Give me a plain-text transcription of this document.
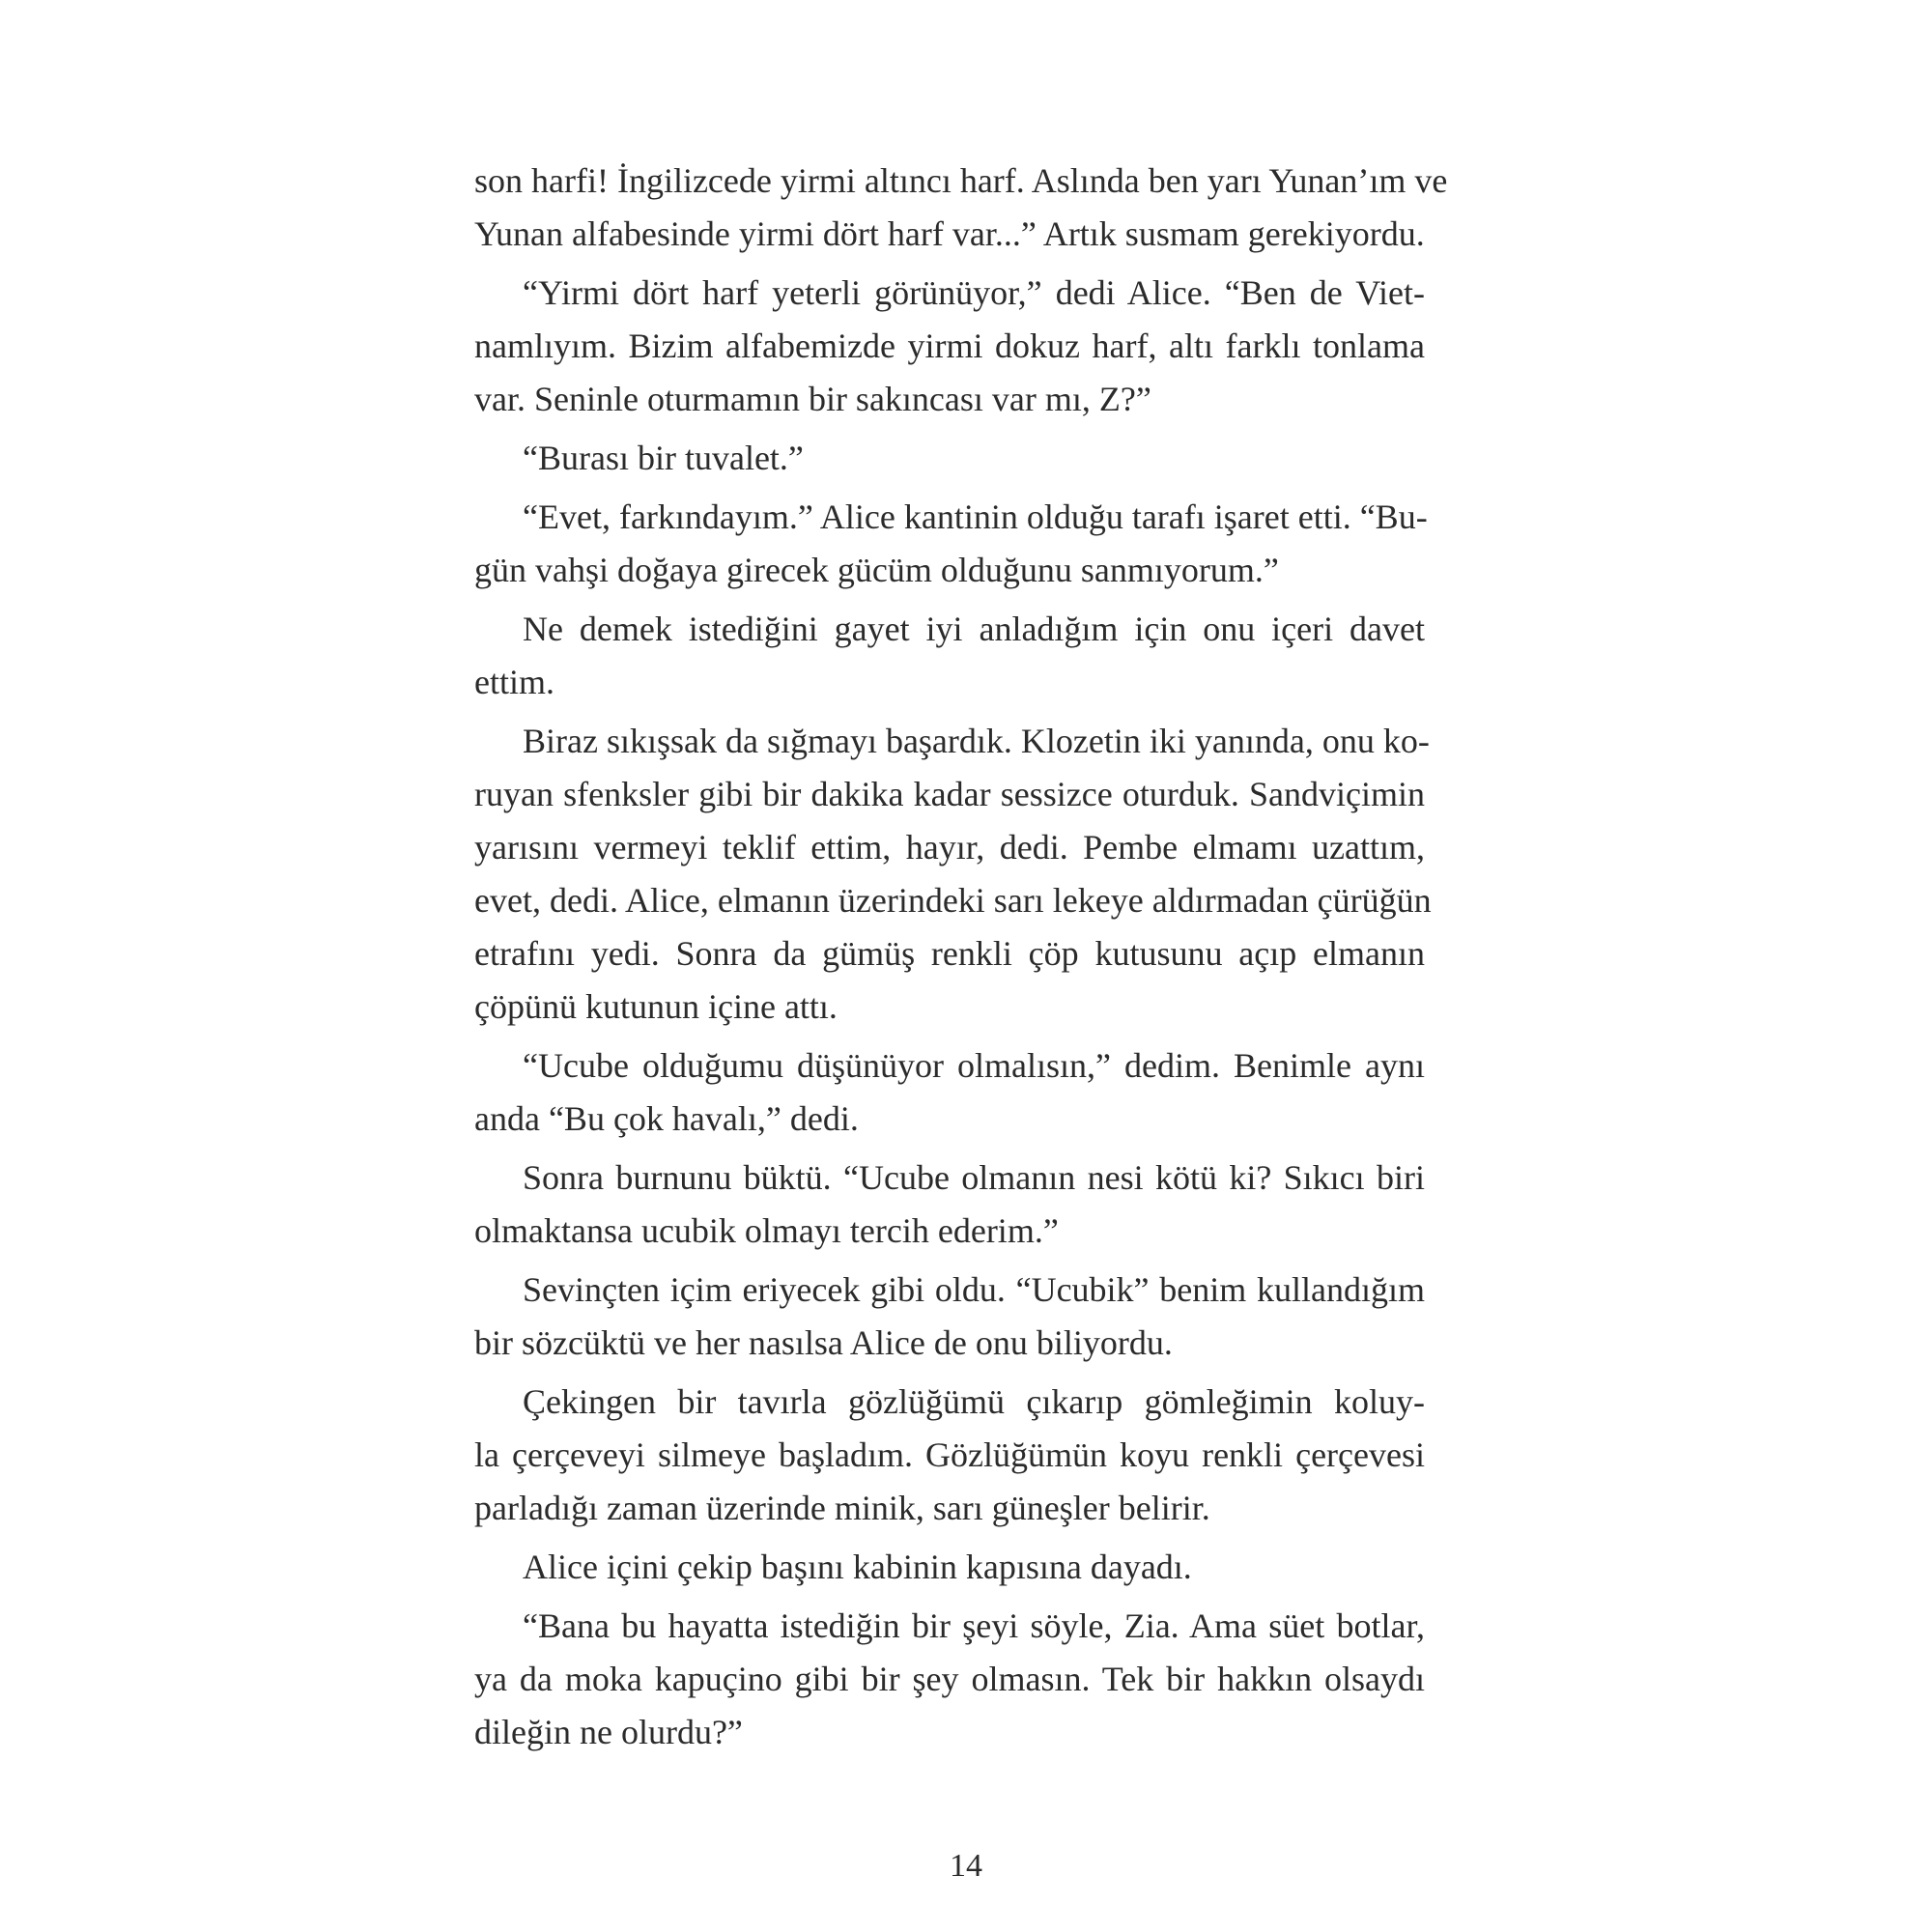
son harfi! İngilizcede yirmi altıncı harf. Aslında ben yarı Yunan’ım ve
Yunan alfabesinde yirmi dört harf var...” Artık susmam gerekiyordu.
“Yirmi dört harf yeterli görünüyor,” dedi Alice. “Ben de Viet-
namlıyım. Bizim alfabemizde yirmi dokuz harf, altı farklı tonlama
var. Seninle oturmamın bir sakıncası var mı, Z?”
“Burası bir tuvalet.”
“Evet, farkındayım.” Alice kantinin olduğu tarafı işaret etti. “Bu-
gün vahşi doğaya girecek gücüm olduğunu sanmıyorum.”
Ne demek istediğini gayet iyi anladığım için onu içeri davet
ettim.
Biraz sıkışsak da sığmayı başardık. Klozetin iki yanında, onu ko-
ruyan sfenksler gibi bir dakika kadar sessizce oturduk. Sandviçimin
yarısını vermeyi teklif ettim, hayır, dedi. Pembe elmamı uzattım,
evet, dedi. Alice, elmanın üzerindeki sarı lekeye aldırmadan çürüğün
etrafını yedi. Sonra da gümüş renkli çöp kutusunu açıp elmanın
çöpünü kutunun içine attı.
“Ucube olduğumu düşünüyor olmalısın,” dedim. Benimle aynı
anda “Bu çok havalı,” dedi.
Sonra burnunu büktü. “Ucube olmanın nesi kötü ki? Sıkıcı biri
olmaktansa ucubik olmayı tercih ederim.”
Sevinçten içim eriyecek gibi oldu. “Ucubik” benim kullandığım
bir sözcüktü ve her nasılsa Alice de onu biliyordu.
Çekingen bir tavırla gözlüğümü çıkarıp gömleğimin koluy-
la çerçeveyi silmeye başladım. Gözlüğümün koyu renkli çerçevesi
parladığı zaman üzerinde minik, sarı güneşler belirir.
Alice içini çekip başını kabinin kapısına dayadı.
“Bana bu hayatta istediğin bir şeyi söyle, Zia. Ama süet botlar,
ya da moka kapuçino gibi bir şey olmasın. Tek bir hakkın olsaydı
dileğin ne olurdu?”
14
